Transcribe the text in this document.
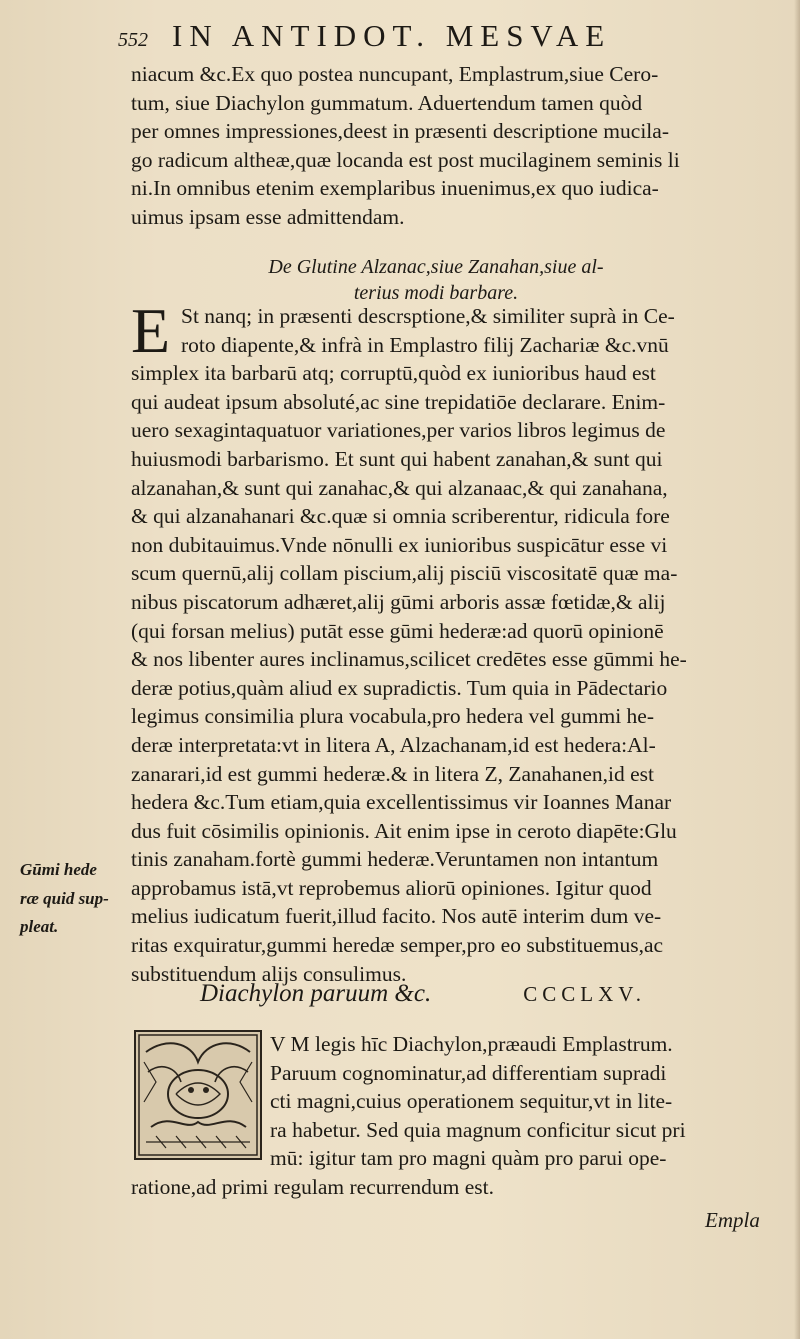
552 IN ANTIDOT. MESVAE
niacum &c.Ex quo postea nuncupant, Emplastrum,siue Cero-
tum, siue Diachylon gummatum. Aduertendum tamen quòd
per omnes impressiones,deest in præsenti descriptione mucila-
go radicum altheæ,quæ locanda est post mucilaginem seminis li
ni.In omnibus etenim exemplaribus inuenimus,ex quo iudica-
uimus ipsam esse admittendam.
De Glutine Alzanac,siue Zanahan,siue al-
terius modi barbare.
E St nanq; in præsenti descrsptione,& similiter suprà in Ce-
roto diapente,& infrà in Emplastro filij Zachariæ &c.vnū
simplex ita barbarū atq; corruptū,quòd ex iunioribus haud est
qui audeat ipsum absoluté,ac sine trepidatiōe declarare. Enim-
uero sexagintaquatuor variationes,per varios libros legimus de
huiusmodi barbarismo. Et sunt qui habent zanahan,& sunt qui
alzanahan,& sunt qui zanahac,& qui alzanaac,& qui zanahana,
& qui alzanahanari &c.quæ si omnia scriberentur, ridicula fore
non dubitauimus.Vnde nōnulli ex iunioribus suspicātur esse vi
scum quernū,alij collam piscium,alij pisciū viscositatē quæ ma-
nibus piscatorum adhæret,alij gūmi arboris assæ fœtidæ,& alij
(qui forsan melius) putāt esse gūmi hederæ:ad quorū opinionē
& nos libenter aures inclinamus,scilicet credētes esse gūmmi he-
deræ potius,quàm aliud ex supradictis. Tum quia in Pādectario
legimus consimilia plura vocabula,pro hedera vel gummi he-
deræ interpretata:vt in litera A, Alzachanam,id est hedera:Al-
zanarari,id est gummi hederæ.& in litera Z, Zanahanen,id est
hedera &c.Tum etiam,quia excellentissimus vir Ioannes Manar
dus fuit cōsimilis opinionis. Ait enim ipse in ceroto diapēte:Glu
tinis zanaham.fortè gummi hederæ.Veruntamen non intantum
approbamus istā,vt reprobemus aliorū opiniones. Igitur quod
melius iudicatum fuerit,illud facito. Nos autē interim dum ve-
ritas exquiratur,gummi heredæ semper,pro eo substituemus,ac
substituendum alijs consulimus.
Gūmi hede
ræ quid sup-
pleat.
Diachylon paruum &c.	CCCLXV.
V M legis hīc Diachylon,præaudi Emplastrum.
Paruum cognominatur,ad differentiam supradi
cti magni,cuius operationem sequitur,vt in lite-
ra habetur. Sed quia magnum conficitur sicut pri
mū: igitur tam pro magni quàm pro parui ope-
ratione,ad primi regulam recurrendum est.
Empla
